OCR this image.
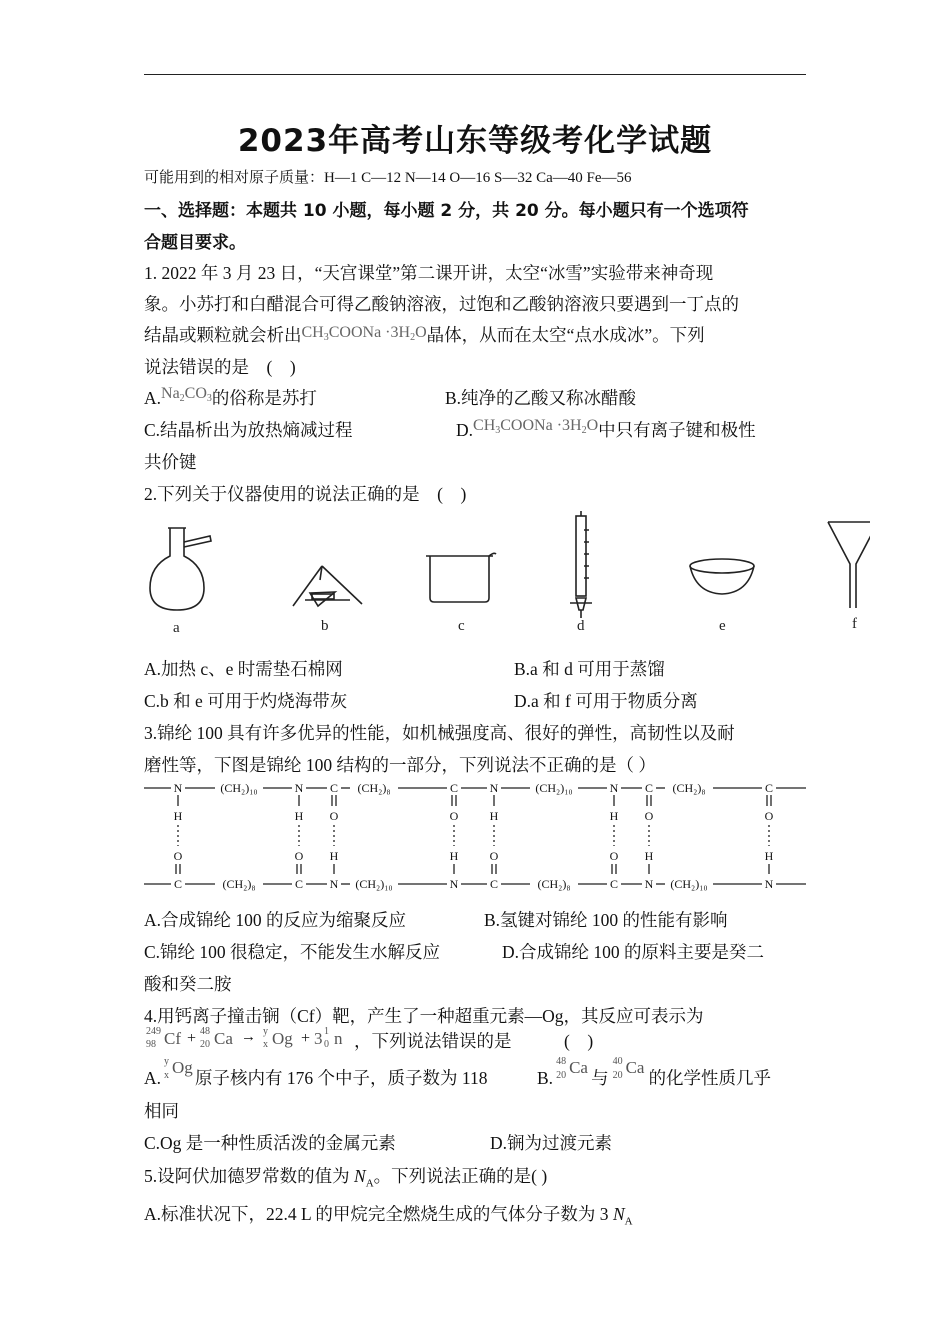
2023年高考山东等级考化学试题
可能用到的相对原子质量：H—1 C—12 N—14 O—16 S—32 Ca—40 Fe—56
一、选择题：本题共 10 小题，每小题 2 分，共 20 分。每小题只有一个选项符
合题目要求。
1. 2022 年 3 月 23 日，“天宫课堂”第二课开讲，太空“冰雪”实验带来神奇现
象。小苏打和白醋混合可得乙酸钠溶液，过饱和乙酸钠溶液只要遇到一丁点的
结晶或颗粒就会析出$CH_3COONa \cdot 3H_2O$晶体，从而在太空“点水成冰”。下列
说法错误的是　(　)
$A.Na_2CO_3$的俗称是苏打	B.纯净的乙酸又称冰醋酸
C.结晶析出为放热熵减过程	$D.CH_3COONa \cdot 3H_2O$中只有离子键和极性
共价键
2.下列关于仪器使用的说法正确的是　(　)
a	b	c	d	e	f
A.加热 c、e 时需垫石棉网	B.a 和 d 可用于蒸馏
C.b 和 e 可用于灼烧海带灰	D.a 和 f 可用于物质分离
3.锦纶 100 具有许多优异的性能，如机械强度高、很好的弹性，高韧性以及耐
磨性等，下图是锦纶 100 结构的一部分，下列说法不正确的是（ ）
N	(CH₂)₁₀	N C (CH₂)₈	C	N	(CH₂)₁₀	N C (CH₂)₈	C
C	(CH₂)₈	C N (CH₂)₁₀	N	C	(CH₂)₈	C N (CH₂)₁₀	N
H
O
H
O
O
H
O
H
H
O
H
O
O
H
O
H
A.合成锦纶 100 的反应为缩聚反应	B.氢键对锦纶 100 的性能有影响
C.锦纶 100 很稳定，不能发生水解反应	D.合成锦纶 100 的原料主要是癸二
酸和癸二胺
4.用钙离子撞击锎（Cf）靶，产生了一种超重元素—Og，其反应可表示为
249
98 Cf + 48
20 Ca → y
x Og + 3 1
0 n ，下列说法错误的是　　　(　)
A.
y
x Og
原子核内有 176 个中子，质子数为 118	B.
48
20 Ca
与
40
20 Ca
的化学性质几乎
相同
C.Og 是一种性质活泼的金属元素	D.锎为过渡元素
5.设阿伏加德罗常数的值为 $N_A$。下列说法正确的是( )
A.标准状况下，22.4 L 的甲烷完全燃烧生成的气体分子数为 3 $N_A$
